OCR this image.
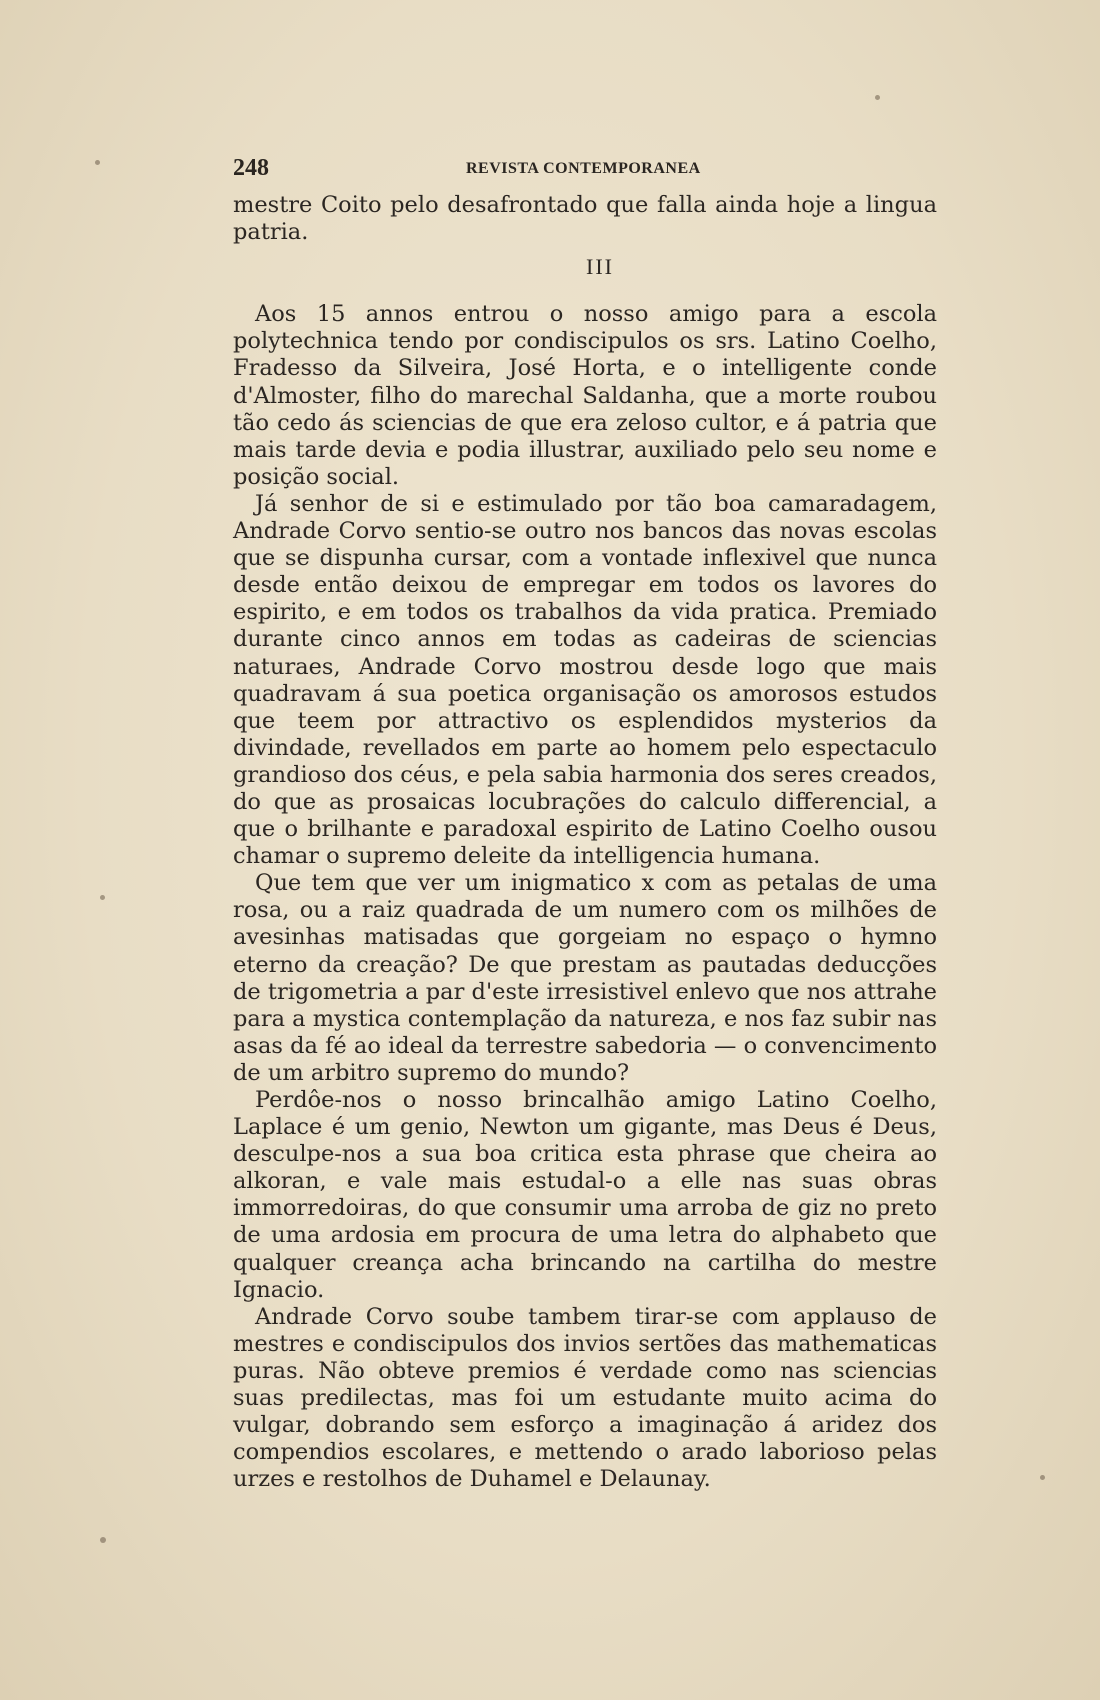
248	REVISTA CONTEMPORANEA

mestre Coito pelo desafrontado que falla ainda hoje a lingua patria.

III

Aos 15 annos entrou o nosso amigo para a escola polytechnica tendo por condiscipulos os srs. Latino Coelho, Fradesso da Silveira, José Horta, e o intelligente conde d'Almoster, filho do marechal Saldanha, que a morte roubou tão cedo ás sciencias de que era zeloso cultor, e á patria que mais tarde devia e podia illustrar, auxiliado pelo seu nome e posição social.

Já senhor de si e estimulado por tão boa camaradagem, Andrade Corvo sentio-se outro nos bancos das novas escolas que se dispunha cursar, com a vontade inflexivel que nunca desde então deixou de empregar em todos os lavores do espirito, e em todos os trabalhos da vida pratica. Premiado durante cinco annos em todas as cadeiras de sciencias naturaes, Andrade Corvo mostrou desde logo que mais quadravam á sua poetica organisação os amorosos estudos que teem por attractivo os esplendidos mysterios da divindade, revellados em parte ao homem pelo espectaculo grandioso dos céus, e pela sabia harmonia dos seres creados, do que as prosaicas locubrações do calculo differencial, a que o brilhante e paradoxal espirito de Latino Coelho ousou chamar o supremo deleite da intelligencia humana.

Que tem que ver um inigmatico x com as petalas de uma rosa, ou a raiz quadrada de um numero com os milhões de avesinhas matisadas que gorgeiam no espaço o hymno eterno da creação? De que prestam as pautadas deducções de trigometria a par d'este irresistivel enlevo que nos attrahe para a mystica contemplação da natureza, e nos faz subir nas asas da fé ao ideal da terrestre sabedoria — o convencimento de um arbitro supremo do mundo?

Perdôe-nos o nosso brincalhão amigo Latino Coelho, Laplace é um genio, Newton um gigante, mas Deus é Deus, desculpe-nos a sua boa critica esta phrase que cheira ao alkoran, e vale mais estudal-o a elle nas suas obras immorredoiras, do que consumir uma arroba de giz no preto de uma ardosia em procura de uma letra do alphabeto que qualquer creança acha brincando na cartilha do mestre Ignacio.

Andrade Corvo soube tambem tirar-se com applauso de mestres e condiscipulos dos invios sertões das mathematicas puras. Não obteve premios é verdade como nas sciencias suas predilectas, mas foi um estudante muito acima do vulgar, dobrando sem esforço a imaginação á aridez dos compendios escolares, e mettendo o arado laborioso pelas urzes e restolhos de Duhamel e Delaunay.
